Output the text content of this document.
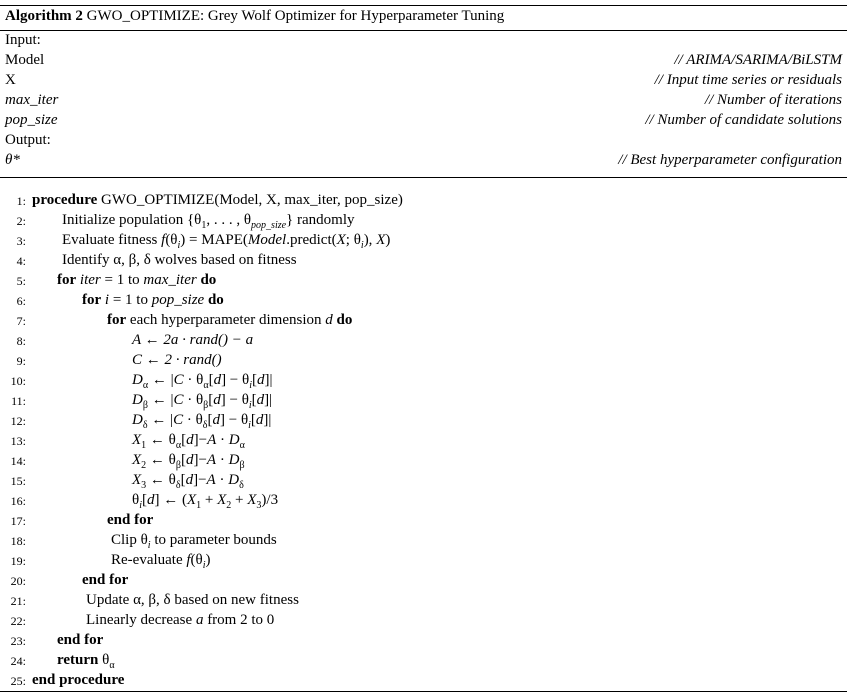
Algorithm 2 GWO_OPTIMIZE: Grey Wolf Optimizer for Hyperparameter Tuning
Input:
Model	// ARIMA/SARIMA/BiLSTM
X	// Input time series or residuals
max_iter	// Number of iterations
pop_size	// Number of candidate solutions
Output:
θ*	// Best hyperparameter configuration
1: procedure GWO_OPTIMIZE(Model, X, max_iter, pop_size)
2: Initialize population {$\theta_1$, . . . , $\theta_{pop\_size}$} randomly
3: Evaluate fitness $f(\theta_i)$ = MAPE(Model.predict(X; $\theta_i$), X)
4: Identify α, β, δ wolves based on fitness
5: for iter = 1 to max_iter do
6:	for i = 1 to pop_size do
7:	for each hyperparameter dimension d do
8:	A ← 2a · rand() − a
9:	C ← 2 · rand()
10:	$D_\alpha$ ← $|C \cdot \theta_\alpha[d] - \theta_i[d]|$
11:	$D_\beta$ ← $|C \cdot \theta_\beta[d] - \theta_i[d]|$
12:	$D_\delta$ ← $|C \cdot \theta_\delta[d] - \theta_i[d]|$
13:	$X_1$ ← $\theta_\alpha[d]-A \cdot D_\alpha$
14:	$X_2$ ← $\theta_\beta[d]-A \cdot D_\beta$
15:	$X_3$ ← $\theta_\delta[d]-A \cdot D_\delta$
16:	$\theta_i[d]$ ← $(X_1 + X_2 + X_3)/3$
17:	end for
18:	Clip $\theta_i$ to parameter bounds
19:	Re-evaluate $f(\theta_i)$
20:	end for
21:	Update α, β, δ based on new fitness
22:	Linearly decrease a from 2 to 0
23: end for
24: return $\theta_\alpha$
25: end procedure
